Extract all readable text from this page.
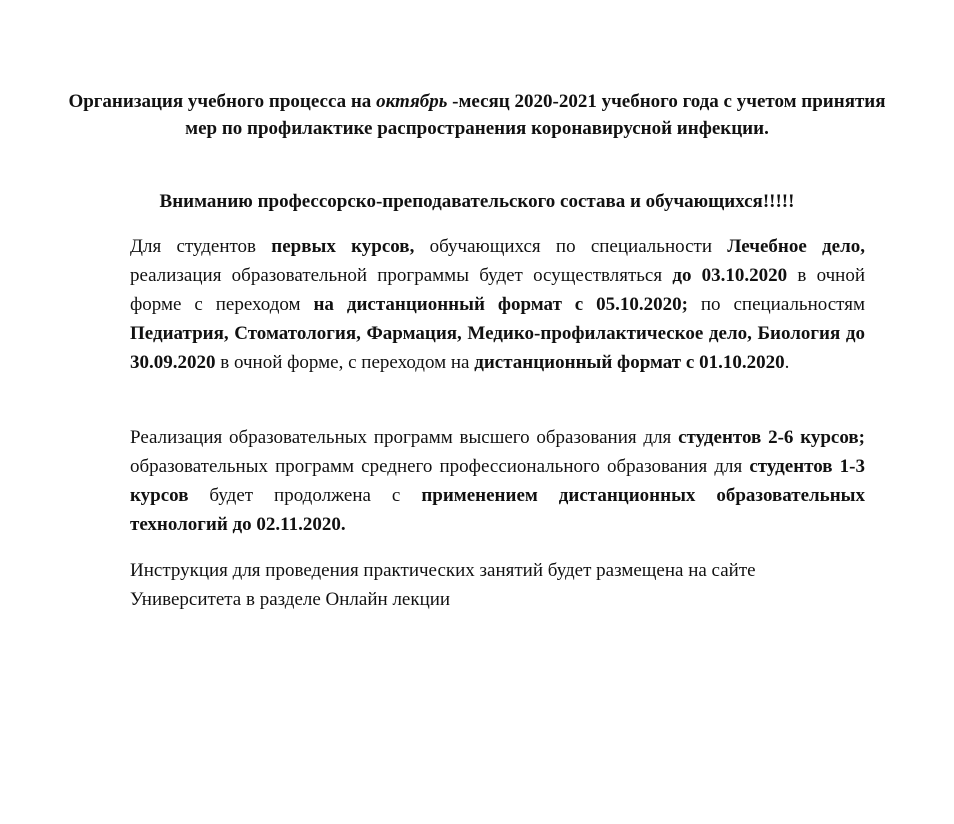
Организация учебного процесса на октябрь -месяц 2020-2021 учебного года с учетом принятия мер по профилактике распространения коронавирусной инфекции.
Вниманию профессорско-преподавательского состава и обучающихся!!!!!
Для студентов первых курсов, обучающихся по специальности Лечебное дело, реализация образовательной программы будет осуществляться до 03.10.2020 в очной форме с переходом на дистанционный формат с 05.10.2020; по специальностям Педиатрия, Стоматология, Фармация, Медико-профилактическое дело, Биология до 30.09.2020 в очной форме, с переходом на дистанционный формат с 01.10.2020.
Реализация образовательных программ высшего образования для студентов 2-6 курсов; образовательных программ среднего профессионального образования для студентов 1-3 курсов будет продолжена с применением дистанционных образовательных технологий до 02.11.2020.
Инструкция для проведения практических занятий будет размещена на сайте Университета в разделе Онлайн лекции
